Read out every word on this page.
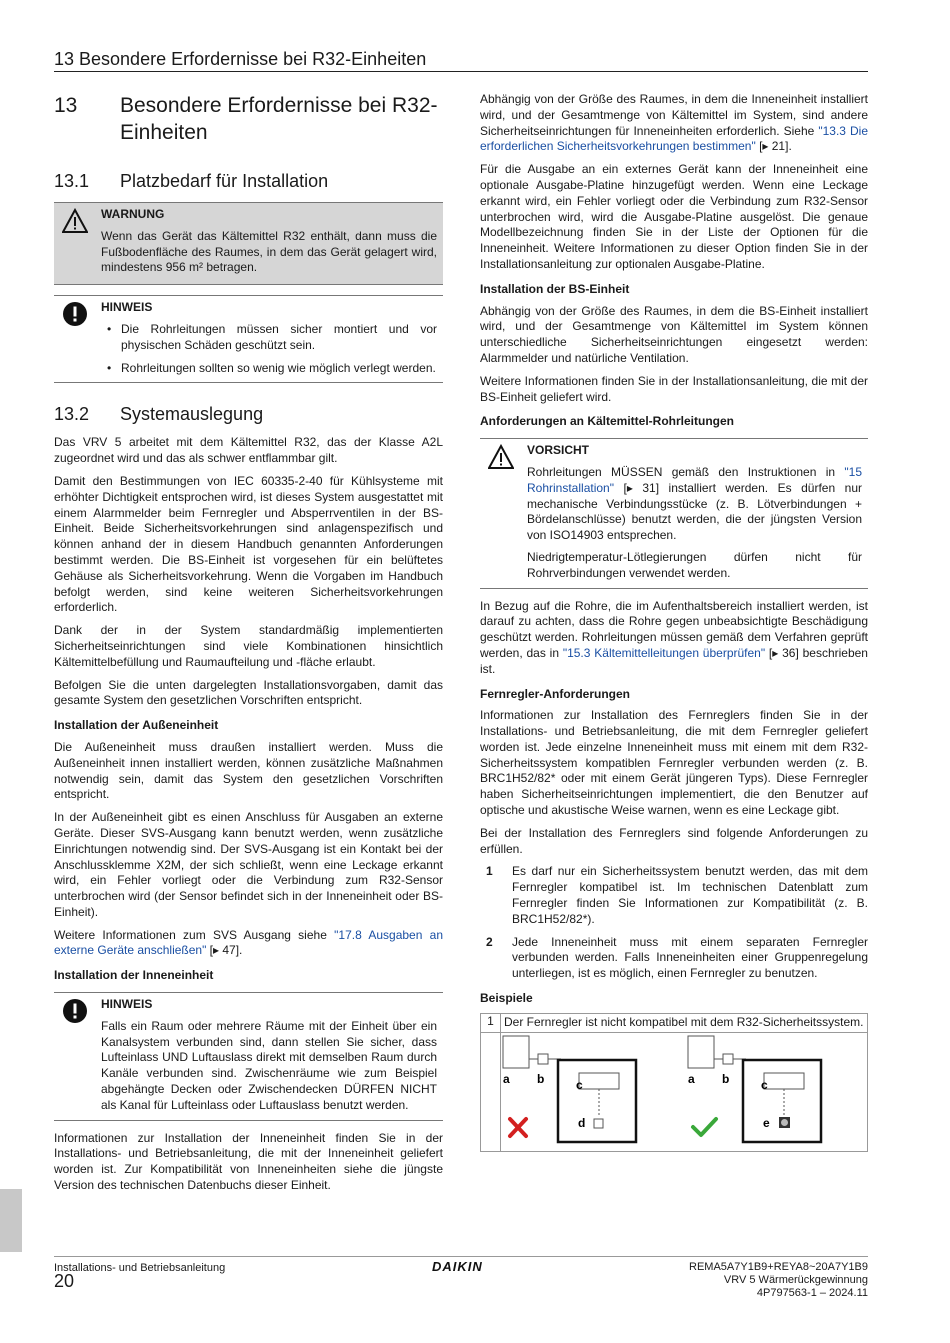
13 Besondere Erfordernisse bei R32-Einheiten
13	Besondere Erfordernisse bei R32-Einheiten
13.1	Platzbedarf für Installation
WARNUNG

Wenn das Gerät das Kältemittel R32 enthält, dann muss die Fußbodenfläche des Raumes, in dem das Gerät gelagert wird, mindestens 956 m² betragen.

HINWEIS
• Die Rohrleitungen müssen sicher montiert und vor physischen Schäden geschützt sein.
• Rohrleitungen sollten so wenig wie möglich verlegt werden.
13.2	Systemauslegung

Das VRV 5 arbeitet mit dem Kältemittel R32, das der Klasse A2L zugeordnet wird und das als schwer entflammbar gilt.

Damit den Bestimmungen von IEC 60335-2-40 für Kühlsysteme mit erhöhter Dichtigkeit entsprochen wird, ist dieses System ausgestattet mit einem Alarmmelder beim Fernregler und Absperrventilen in der BS-Einheit. Beide Sicherheitsvorkehrungen sind anlagenspezifisch und können anhand der in diesem Handbuch genannten Anforderungen bestimmt werden. Die BS-Einheit ist vorgesehen für ein belüftetes Gehäuse als Sicherheitsvorkehrung. Wenn die Vorgaben im Handbuch befolgt werden, sind keine weiteren Sicherheitsvorkehrungen erforderlich.

Dank der in der System standardmäßig implementierten Sicherheitseinrichtungen sind viele Kombinationen hinsichtlich Kältemittelbefüllung und Raumaufteilung und -fläche erlaubt.

Befolgen Sie die unten dargelegten Installationsvorgaben, damit das gesamte System den gesetzlichen Vorschriften entspricht.

Installation der Außeneinheit

Die Außeneinheit muss draußen installiert werden. Muss die Außeneinheit innen installiert werden, können zusätzliche Maßnahmen notwendig sein, damit das System den gesetzlichen Vorschriften entspricht.

In der Außeneinheit gibt es einen Anschluss für Ausgaben an externe Geräte. Dieser SVS-Ausgang kann benutzt werden, wenn zusätzliche Einrichtungen notwendig sind. Der SVS-Ausgang ist ein Kontakt bei der Anschlussklemme X2M, der sich schließt, wenn eine Leckage erkannt wird, ein Fehler vorliegt oder die Verbindung zum R32-Sensor unterbrochen wird (der Sensor befindet sich in der Inneneinheit oder BS-Einheit).

Weitere Informationen zum SVS Ausgang siehe "17.8 Ausgaben an externe Geräte anschließen" [▸ 47].

Installation der Inneneinheit
HINWEIS

Falls ein Raum oder mehrere Räume mit der Einheit über ein Kanalsystem verbunden sind, dann stellen Sie sicher, dass Lufteinlass UND Luftauslass direkt mit demselben Raum durch Kanäle verbunden sind. Zwischenräume wie zum Beispiel abgehängte Decken oder Zwischendecken DÜRFEN NICHT als Kanal für Lufteinlass oder Luftauslass benutzt werden.

Informationen zur Installation der Inneneinheit finden Sie in der Installations- und Betriebsanleitung, die mit der Inneneinheit geliefert worden ist. Zur Kompatibilität von Inneneinheiten siehe die jüngste Version des technischen Datenbuchs dieser Einheit.

Abhängig von der Größe des Raumes, in dem die Inneneinheit installiert wird, und der Gesamtmenge von Kältemittel im System, sind andere Sicherheitseinrichtungen für Inneneinheiten erforderlich. Siehe "13.3 Die erforderlichen Sicherheitsvorkehrungen bestimmen" [▸ 21].

Für die Ausgabe an ein externes Gerät kann der Inneneinheit eine optionale Ausgabe-Platine hinzugefügt werden. Wenn eine Leckage erkannt wird, ein Fehler vorliegt oder die Verbindung zum R32-Sensor unterbrochen wird, wird die Ausgabe-Platine ausgelöst. Die genaue Modellbezeichnung finden Sie in der Liste der Optionen für die Inneneinheit. Weitere Informationen zu dieser Option finden Sie in der Installationsanleitung zur optionalen Ausgabe-Platine.

Installation der BS-Einheit

Abhängig von der Größe des Raumes, in dem die BS-Einheit installiert wird, und der Gesamtmenge von Kältemittel im System können unterschiedliche Sicherheitseinrichtungen eingesetzt werden: Alarmmelder und natürliche Ventilation.

Weitere Informationen finden Sie in der Installationsanleitung, die mit der BS-Einheit geliefert wird.

Anforderungen an Kältemittel-Rohrleitungen
VORSICHT

Rohrleitungen MÜSSEN gemäß den Instruktionen in "15 Rohrinstallation" [▸ 31] installiert werden. Es dürfen nur mechanische Verbindungsstücke (z. B. Lötverbindungen + Bördelanschlüsse) benutzt werden, die der jüngsten Version von ISO14903 entsprechen.

Niedrigtemperatur-Lötlegierungen dürfen nicht für Rohrverbindungen verwendet werden.

In Bezug auf die Rohre, die im Aufenthaltsbereich installiert werden, ist darauf zu achten, dass die Rohre gegen unbeabsichtigte Beschädigung geschützt werden. Rohrleitungen müssen gemäß dem Verfahren geprüft werden, das in "15.3 Kältemittelleitungen überprüfen" [▸ 36] beschrieben ist.

Fernregler-Anforderungen

Informationen zur Installation des Fernreglers finden Sie in der Installations- und Betriebsanleitung, die mit dem Fernregler geliefert worden ist. Jede einzelne Inneneinheit muss mit einem mit dem R32-Sicherheitssystem kompatiblen Fernregler verbunden werden (z. B. BRC1H52/82* oder mit einem Gerät jüngeren Typs). Diese Fernregler haben Sicherheitseinrichtungen implementiert, die den Benutzer auf optische und akustische Weise warnen, wenn es eine Leckage gibt.

Bei der Installation des Fernreglers sind folgende Anforderungen zu erfüllen.

1	Es darf nur ein Sicherheitssystem benutzt werden, das mit dem Fernregler kompatibel ist. Im technischen Datenblatt zum Fernregler finden Sie Informationen zur Kompatibilität (z. B. BRC1H52/82*).
2	Jede Inneneinheit muss mit einem separaten Fernregler verbunden werden. Falls Inneneinheiten einer Gruppenregelung unterliegen, ist es möglich, einen Fernregler zu benutzen.
Beispiele
1 Der Fernregler ist nicht kompatibel mit dem R32-Sicherheitssystem.
a b	c
d
a b	c
e
Installations- und Betriebsanleitung
20
DAIKIN	REMA5A7Y1B9+REYA8~20A7Y1B9
VRV 5 Wärmerückgewinnung
4P797563-1 – 2024.11
